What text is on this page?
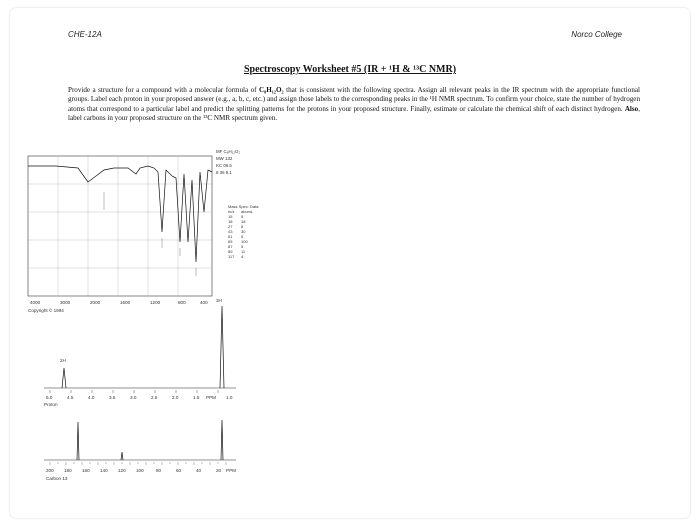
CHE-12A	Norco College
Spectroscopy Worksheet #5 (IR + ¹H & ¹³C NMR)
Provide a structure for a compound with a molecular formula of C₈H₁₂O₂ that is consistent with the following spectra. Assign all relevant peaks in the IR spectrum with the appropriate functional groups. Label each proton in your proposed answer (e.g., a, b, c, etc.) and assign those labels to the corresponding peaks in the ¹H NMR spectrum. To confirm your choice, state the number of hydrogen atoms that correspond to a particular label and predict the splitting patterns for the protons in your proposed structure. Finally, estimate or calculate the chemical shift of each distinct hydrogen. Also, label carbons in your proposed structure on the ¹³C NMR spectrum given.
Copyright © 1994
4000	3000	2000	1600	1200	800	400
MF C₈H₁₂O₂
MW 132
KC 06.5
8 36 9.1
Mass Spec. Data
m/z	abund.
15	9
18	18
27	8
43	30
61	5
65	100
87	5
89	11
117	4
2H
3H
5.0	4.5	4.0	3.5	3.0	2.5	2.0	1.5	1.0
PPM
Proton
200 180 160 140 120 100	80	60	40	20 PPM
Carbon 13
